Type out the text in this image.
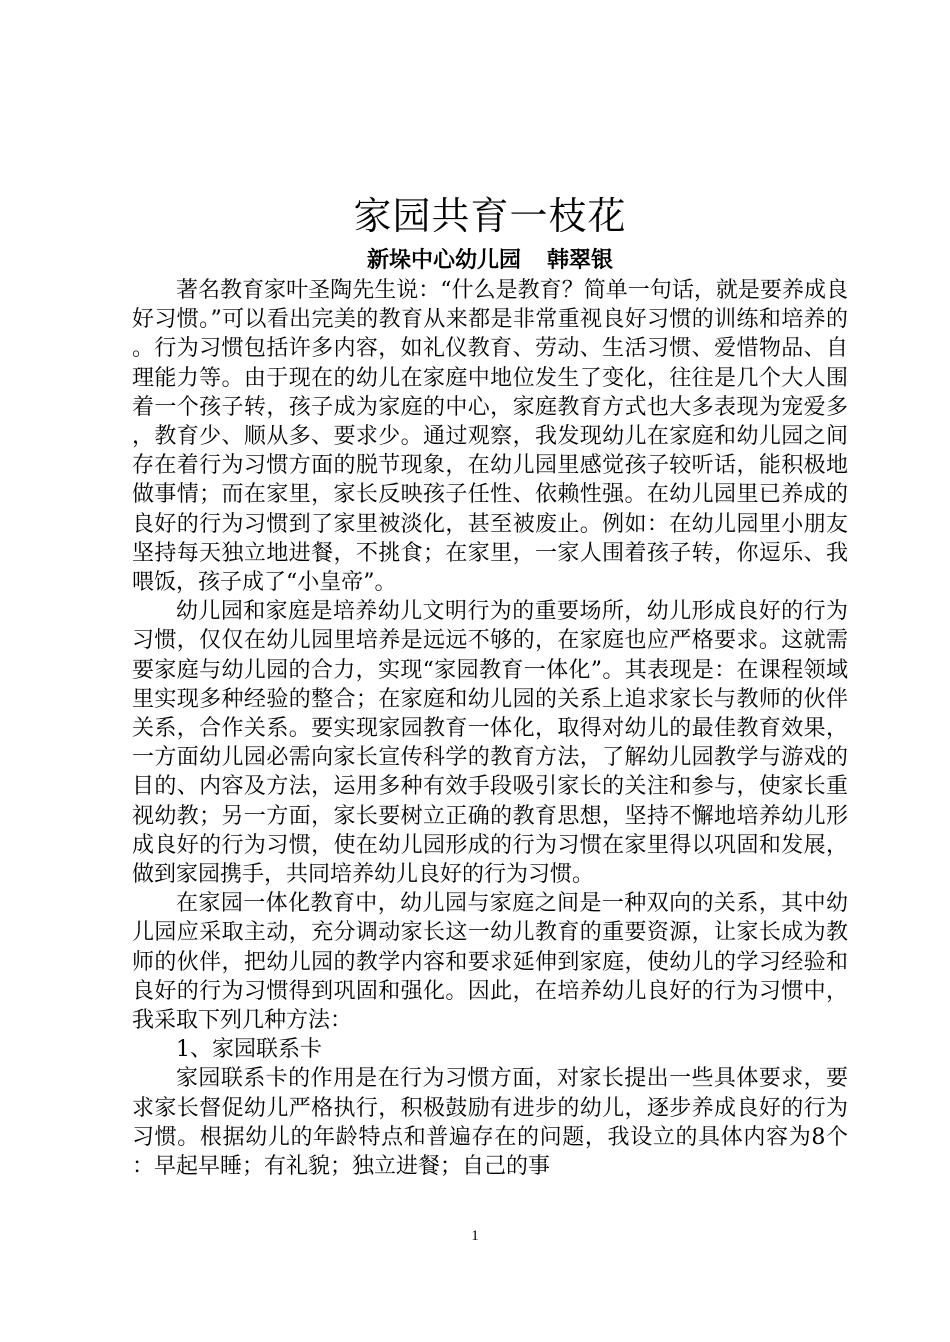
家园共育一枝花
新垛中心幼儿园 韩翠银

著名教育家叶圣陶先生说：“什么是教育？简单一句话，就是要养成良好习惯。”可以看出完美的教育从来都是非常重视良好习惯的训练和培养的。行为习惯包括许多内容，如礼仪教育、劳动、生活习惯、爱惜物品、自理能力等。由于现在的幼儿在家庭中地位发生了变化，往往是几个大人围着一个孩子转，孩子成为家庭的中心，家庭教育方式也大多表现为宠爱多，教育少、顺从多、要求少。通过观察，我发现幼儿在家庭和幼儿园之间存在着行为习惯方面的脱节现象，在幼儿园里感觉孩子较听话，能积极地做事情；而在家里，家长反映孩子任性、依赖性强。在幼儿园里已养成的良好的行为习惯到了家里被淡化，甚至被废止。例如：在幼儿园里小朋友坚持每天独立地进餐，不挑食；在家里，一家人围着孩子转，你逗乐、我喂饭，孩子成了“小皇帝”。

幼儿园和家庭是培养幼儿文明行为的重要场所，幼儿形成良好的行为习惯，仅仅在幼儿园里培养是远远不够的，在家庭也应严格要求。这就需要家庭与幼儿园的合力，实现“家园教育一体化”。其表现是：在课程领域里实现多种经验的整合；在家庭和幼儿园的关系上追求家长与教师的伙伴关系，合作关系。要实现家园教育一体化，取得对幼儿的最佳教育效果，一方面幼儿园必需向家长宣传科学的教育方法，了解幼儿园教学与游戏的目的、内容及方法，运用多种有效手段吸引家长的关注和参与，使家长重视幼教；另一方面，家长要树立正确的教育思想，坚持不懈地培养幼儿形成良好的行为习惯，使在幼儿园形成的行为习惯在家里得以巩固和发展，做到家园携手，共同培养幼儿良好的行为习惯。

在家园一体化教育中，幼儿园与家庭之间是一种双向的关系，其中幼儿园应采取主动，充分调动家长这一幼儿教育的重要资源，让家长成为教师的伙伴，把幼儿园的教学内容和要求延伸到家庭，使幼儿的学习经验和良好的行为习惯得到巩固和强化。因此，在培养幼儿良好的行为习惯中，我采取下列几种方法：

1、家园联系卡

家园联系卡的作用是在行为习惯方面，对家长提出一些具体要求，要求家长督促幼儿严格执行，积极鼓励有进步的幼儿，逐步养成良好的行为习惯。根据幼儿的年龄特点和普遍存在的问题，我设立的具体内容为8个：早起早睡；有礼貌；独立进餐；自己的事

1
